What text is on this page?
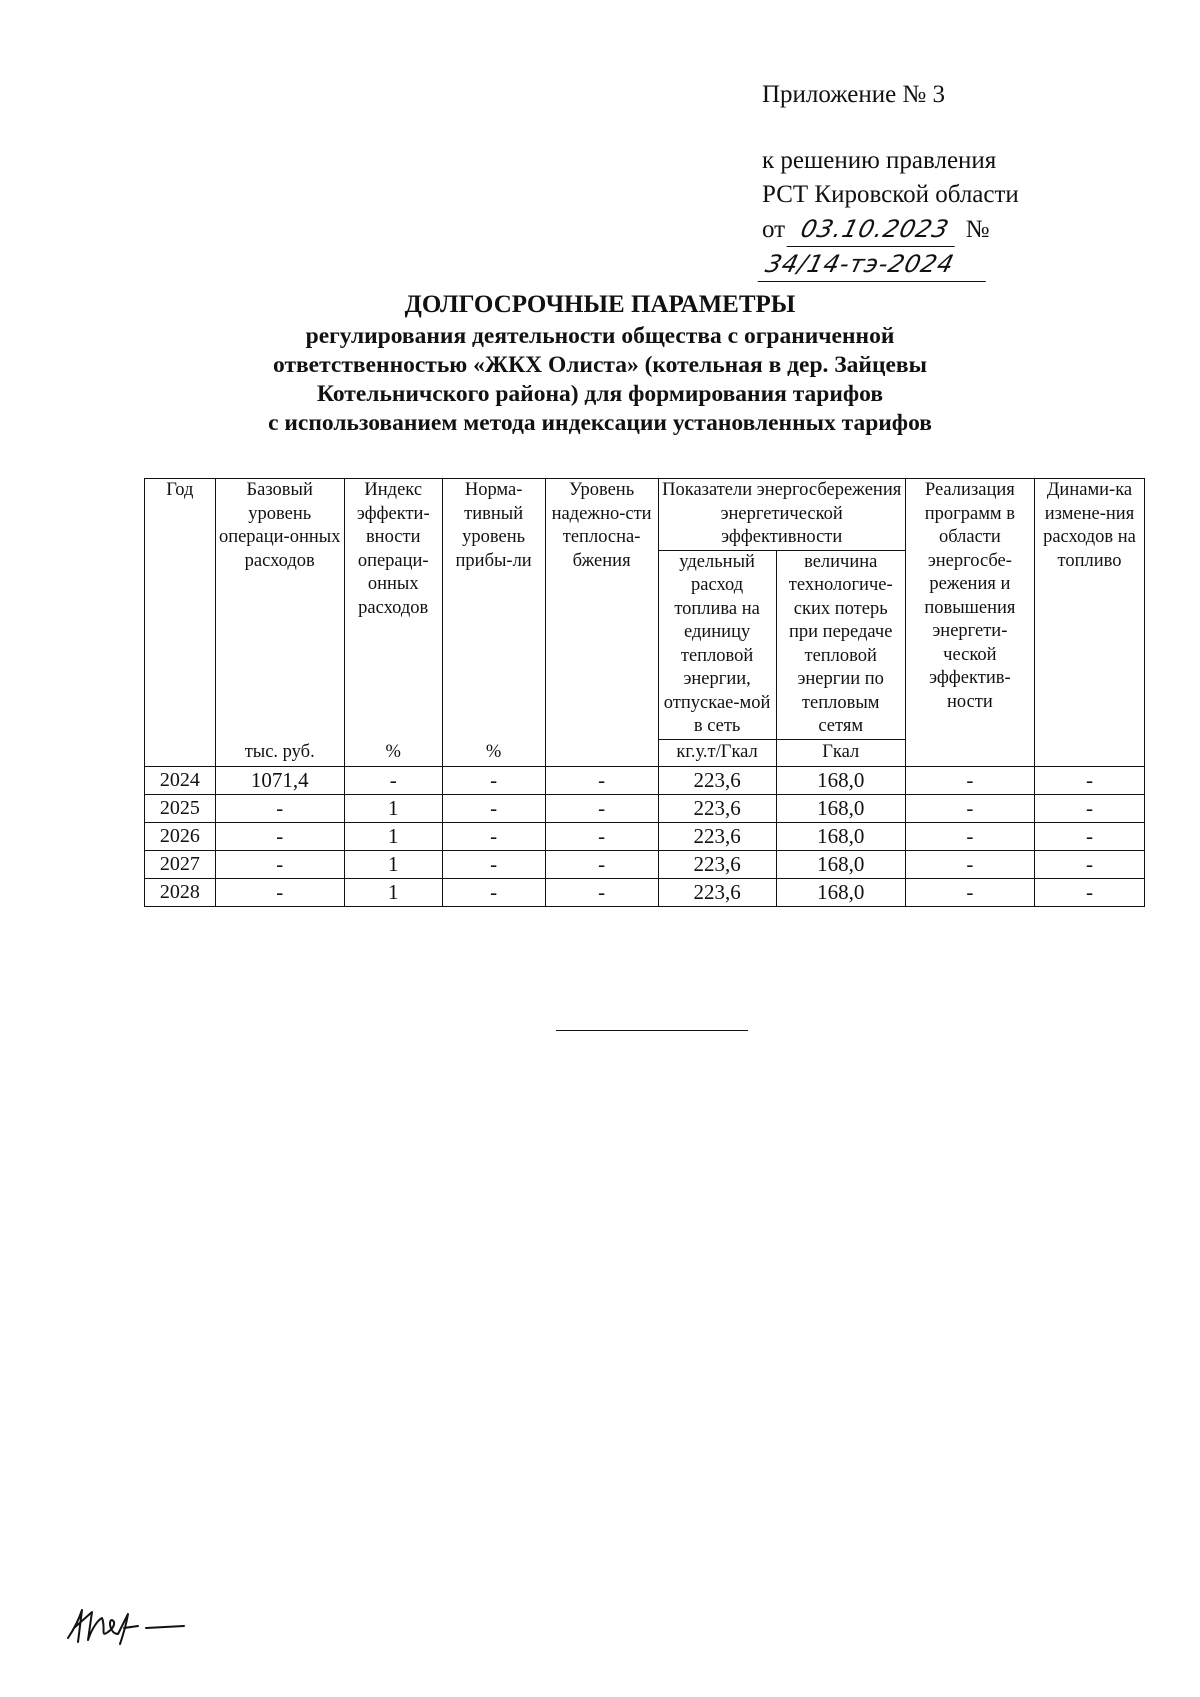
Приложение № 3
к решению правления
РСТ Кировской области
от 03.10.2023 №34/14-тэ-2024
ДОЛГОСРОЧНЫЕ ПАРАМЕТРЫ
регулирования деятельности общества с ограниченной
ответственностью «ЖКХ Олиста» (котельная в дер. Зайцевы
Котельничского района) для формирования тарифов
с использованием метода индексации установленных тарифов
Год	Базовый уровень операци-онных расходов	Индекс эффекти-вности операци-онных расходов	Норма-тивный уровень прибы-ли	Уровень надежно-сти теплосна-бжения	Показатели энергосбережения энергетической эффективности		Реализация программ в области энергосбе-режения и повышения энергети-ческой эффектив-ности	Динами-ка измене-ния расходов на топливо
					удельный расход топлива на единицу тепловой энергии, отпускае-мой в сеть	величина технологиче-ских потерь при передаче тепловой энергии по тепловым сетям		
	тыс. руб.	%	%		кг.у.т/Гкал	Гкал		
2024	1071,4	-	-	-	223,6	168,0	-	-
2025	-	1	-	-	223,6	168,0	-	-
2026	-	1	-	-	223,6	168,0	-	-
2027	-	1	-	-	223,6	168,0	-	-
2028	-	1	-	-	223,6	168,0	-	-
